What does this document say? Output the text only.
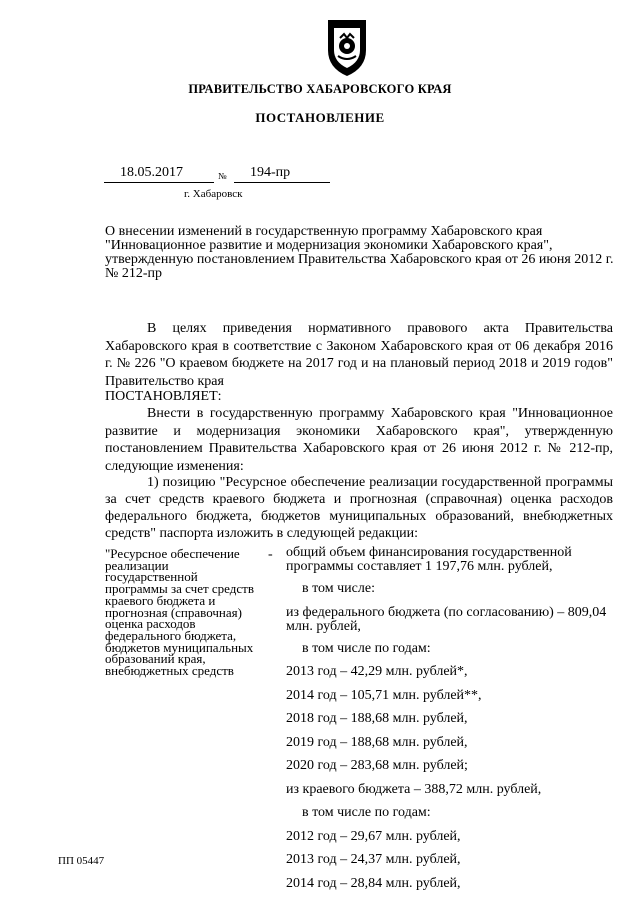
ПРАВИТЕЛЬСТВО ХАБАРОВСКОГО КРАЯ
ПОСТАНОВЛЕНИЕ
18.05.2017	№	194-пр
г. Хабаровск
О внесении изменений в государственную программу Хабаровского края "Инновационное развитие и модернизация экономики Хабаровского края", утвержденную постановлением Правительства Хабаровского края от 26 июня 2012 г. № 212-пр
В целях приведения нормативного правового акта Правительства Хабаровского края в соответствие с Законом Хабаровского края от 06 декабря 2016 г. № 226 "О краевом бюджете на 2017 год и на плановый период 2018 и 2019 годов" Правительство края
ПОСТАНОВЛЯЕТ:
Внести в государственную программу Хабаровского края "Инновационное развитие и модернизация экономики Хабаровского края", утвержденную постановлением Правительства Хабаровского края от 26 июня 2012 г. № 212-пр, следующие изменения:
1) позицию "Ресурсное обеспечение реализации государственной программы за счет средств краевого бюджета и прогнозная (справочная) оценка расходов федерального бюджета, бюджетов муниципальных образований, внебюджетных средств" паспорта изложить в следующей редакции:
"Ресурсное обеспечение реализации государственной программы за счет средств краевого бюджета и прогнозная (справочная) оценка расходов федерального бюджета, бюджетов муниципальных образований края, внебюджетных средств
- общий объем финансирования государственной программы составляет 1 197,76 млн. рублей,
в том числе:
из федерального бюджета (по согласованию) – 809,04 млн. рублей,
в том числе по годам:
2013 год – 42,29 млн. рублей*,
2014 год – 105,71 млн. рублей**,
2018 год – 188,68 млн. рублей,
2019 год – 188,68 млн. рублей,
2020 год – 283,68 млн. рублей;
из краевого бюджета – 388,72 млн. рублей,
в том числе по годам:
2012 год – 29,67 млн. рублей,
2013 год – 24,37 млн. рублей,
2014 год – 28,84 млн. рублей,
ПП 05447
